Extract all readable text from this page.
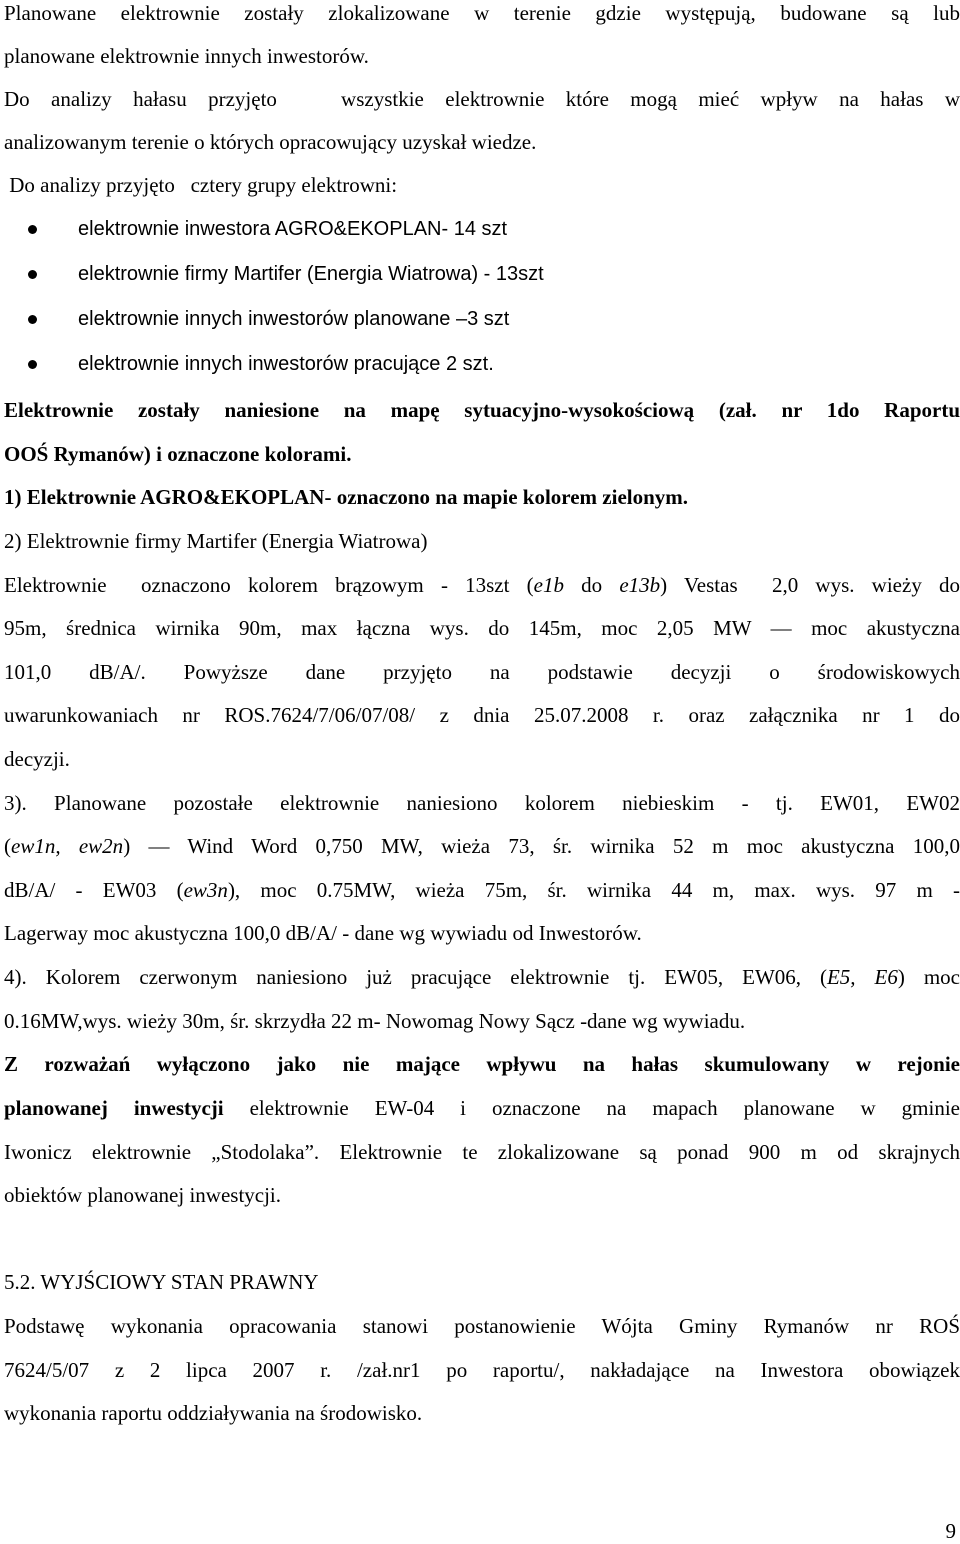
Planowane elektrownie zostały zlokalizowane w terenie gdzie występują, budowane są lub

planowane elektrownie innych inwestorów.

Do analizy hałasu przyjęto   wszystkie elektrownie które mogą mieć wpływ na hałas w

analizowanym terenie o których opracowujący uzyskał wiedze.

Do analizy przyjęto   cztery grupy elektrowni:

elektrownie inwestora AGRO&EKOPLAN- 14 szt

elektrownie firmy Martifer (Energia Wiatrowa) - 13szt

elektrownie innych inwestorów planowane –3 szt

elektrownie innych inwestorów pracujące 2 szt.

Elektrownie zostały naniesione na mapę sytuacyjno-wysokościową (zał. nr 1do Raportu

OOŚ Rymanów) i oznaczone kolorami.

1) Elektrownie AGRO&EKOPLAN- oznaczono na mapie kolorem zielonym.

2) Elektrownie firmy Martifer (Energia Wiatrowa)

Elektrownie  oznaczono kolorem brązowym - 13szt (e1b do e13b) Vestas  2,0 wys. wieży do

95m, średnica wirnika 90m, max łączna wys. do 145m, moc 2,05 MW — moc akustyczna

101,0 dB/A/. Powyższe dane przyjęto na podstawie decyzji o środowiskowych

uwarunkowaniach nr ROS.7624/7/06/07/08/ z dnia 25.07.2008 r. oraz załącznika nr 1 do

decyzji.

3). Planowane pozostałe elektrownie naniesiono kolorem niebieskim - tj. EW01, EW02

(ew1n, ew2n) — Wind Word 0,750 MW, wieża 73, śr. wirnika 52 m moc akustyczna 100,0

dB/A/ - EW03 (ew3n), moc 0.75MW, wieża 75m, śr. wirnika 44 m, max. wys. 97 m -

Lagerway moc akustyczna 100,0 dB/A/ - dane wg wywiadu od Inwestorów.

4). Kolorem czerwonym naniesiono już pracujące elektrownie tj. EW05, EW06, (E5, E6) moc

0.16MW,wys. wieży 30m, śr. skrzydła 22 m- Nowomag Nowy Sącz -dane wg wywiadu.

Z rozważań wyłączono jako nie mające wpływu na hałas skumulowany w rejonie

planowanej inwestycji elektrownie EW-04 i oznaczone na mapach planowane w gminie

Iwonicz elektrownie „Stodolaka”. Elektrownie te zlokalizowane są ponad 900 m od skrajnych

obiektów planowanej inwestycji.

5.2. WYJŚCIOWY STAN PRAWNY

Podstawę wykonania opracowania stanowi postanowienie Wójta Gminy Rymanów nr ROŚ

7624/5/07 z 2 lipca 2007 r. /zał.nr1 po raportu/, nakładające na Inwestora obowiązek

wykonania raportu oddziaływania na środowisko.

9
